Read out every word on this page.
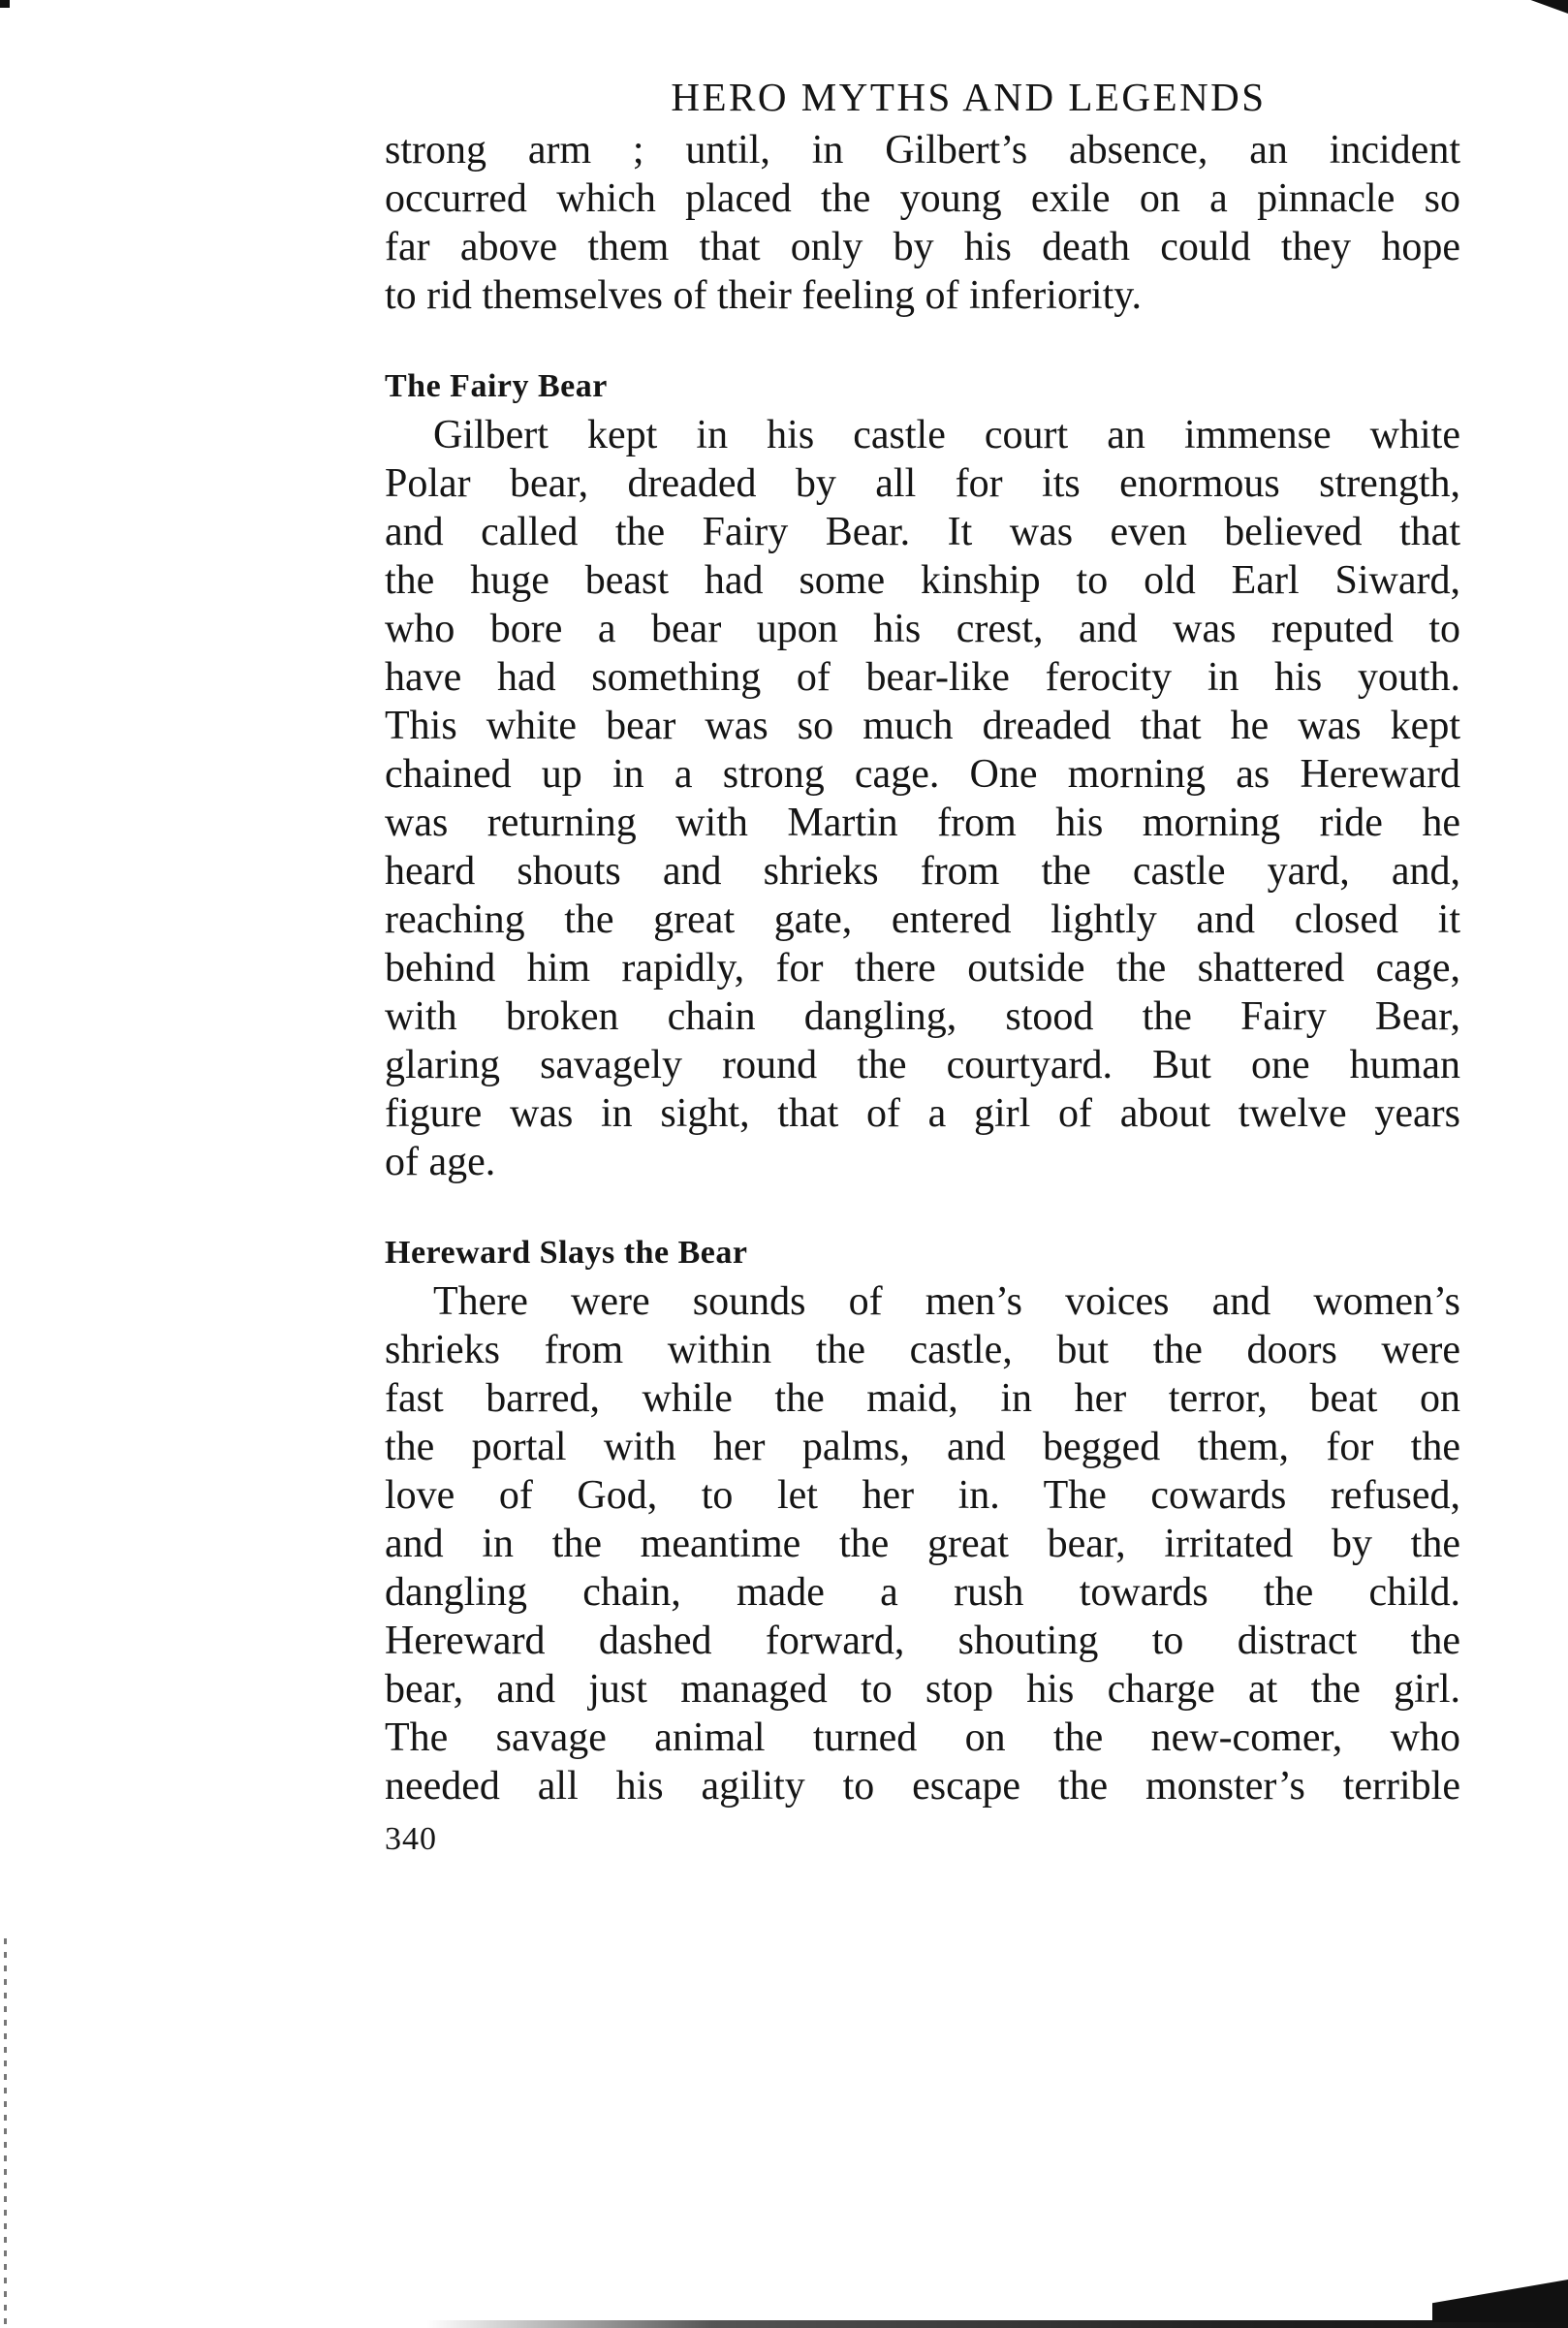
HERO MYTHS AND LEGENDS
strong arm ; until, in Gilbert’s absence, an incident
occurred which placed the young exile on a pinnacle so
far above them that only by his death could they hope
to rid themselves of their feeling of inferiority.
The Fairy Bear
Gilbert kept in his castle court an immense white
Polar bear, dreaded by all for its enormous strength,
and called the Fairy Bear. It was even believed that
the huge beast had some kinship to old Earl Siward,
who bore a bear upon his crest, and was reputed to
have had something of bear-like ferocity in his youth.
This white bear was so much dreaded that he was kept
chained up in a strong cage. One morning as Hereward
was returning with Martin from his morning ride he
heard shouts and shrieks from the castle yard, and,
reaching the great gate, entered lightly and closed it
behind him rapidly, for there outside the shattered cage,
with broken chain dangling, stood the Fairy Bear,
glaring savagely round the courtyard. But one human
figure was in sight, that of a girl of about twelve years
of age.
Hereward Slays the Bear
There were sounds of men’s voices and women’s
shrieks from within the castle, but the doors were
fast barred, while the maid, in her terror, beat on
the portal with her palms, and begged them, for the
love of God, to let her in. The cowards refused,
and in the meantime the great bear, irritated by the
dangling chain, made a rush towards the child.
Hereward dashed forward, shouting to distract the
bear, and just managed to stop his charge at the girl.
The savage animal turned on the new-comer, who
needed all his agility to escape the monster’s terrible
340
